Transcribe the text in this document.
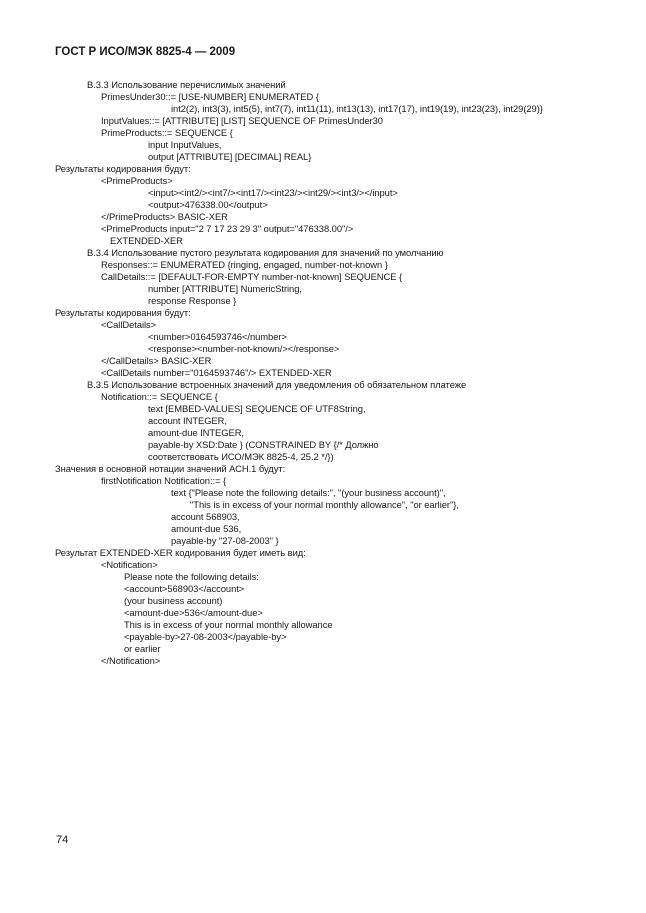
ГОСТ Р ИСО/МЭК 8825-4 — 2009
B.3.3 Использование перечислимых значений
PrimesUnder30::= [USE-NUMBER] ENUMERATED {
int2(2), int3(3), int5(5), int7(7), int11(11), int13(13), int17(17), int19(19), int23(23), int29(29)}
InputValues::= [ATTRIBUTE] [LIST] SEQUENCE OF PrimesUnder30
PrimeProducts::= SEQUENCE {
input InputValues,
output [ATTRIBUTE] [DECIMAL] REAL}
Результаты кодирования будут:
<PrimeProducts>
<input><int2/><int7/><int17/><int23/><int29/><int3/></input>
<output>476338.00</output>
</PrimeProducts> BASIC-XER
<PrimeProducts input="2 7 17 23 29 3" output="476338.00"/>
EXTENDED-XER
B.3.4 Использование пустого результата кодирования для значений по умолчанию
Responses::= ENUMERATED {ringing, engaged, number-not-known }
CallDetails::= [DEFAULT-FOR-EMPTY number-not-known] SEQUENCE {
number [ATTRIBUTE] NumericString,
response Response }
Результаты кодирования будут:
<CallDetails>
<number>0164593746</number>
<response><number-not-known/></response>
</CallDetails> BASIC-XER
<CallDetails number="0164593746"/> EXTENDED-XER
B.3.5 Использование встроенных значений для уведомления об обязательном платеже
Notification::= SEQUENCE {
text [EMBED-VALUES] SEQUENCE OF UTF8String,
account INTEGER,
amount-due INTEGER,
payable-by XSD:Date } (CONSTRAINED BY {/* Должно
соответствовать ИСО/МЭК 8825-4, 25.2 */})
Значения в основной нотации значений АСН.1 будут:
firstNotification Notification::= {
text {"Please note the following details:", "(your business account)",
"This is in excess of your normal monthly allowance", "or earlier"},
account 568903,
amount-due 536,
payable-by "27-08-2003" }
Результат EXTENDED-XER кодирования будет иметь вид:
<Notification>
Please note the following details:
<account>568903</account>
(your business account)
<amount-due>536</amount-due>
This is in excess of your normal monthly allowance
<payable-by>27-08-2003</payable-by>
or earlier
</Notification>
74
